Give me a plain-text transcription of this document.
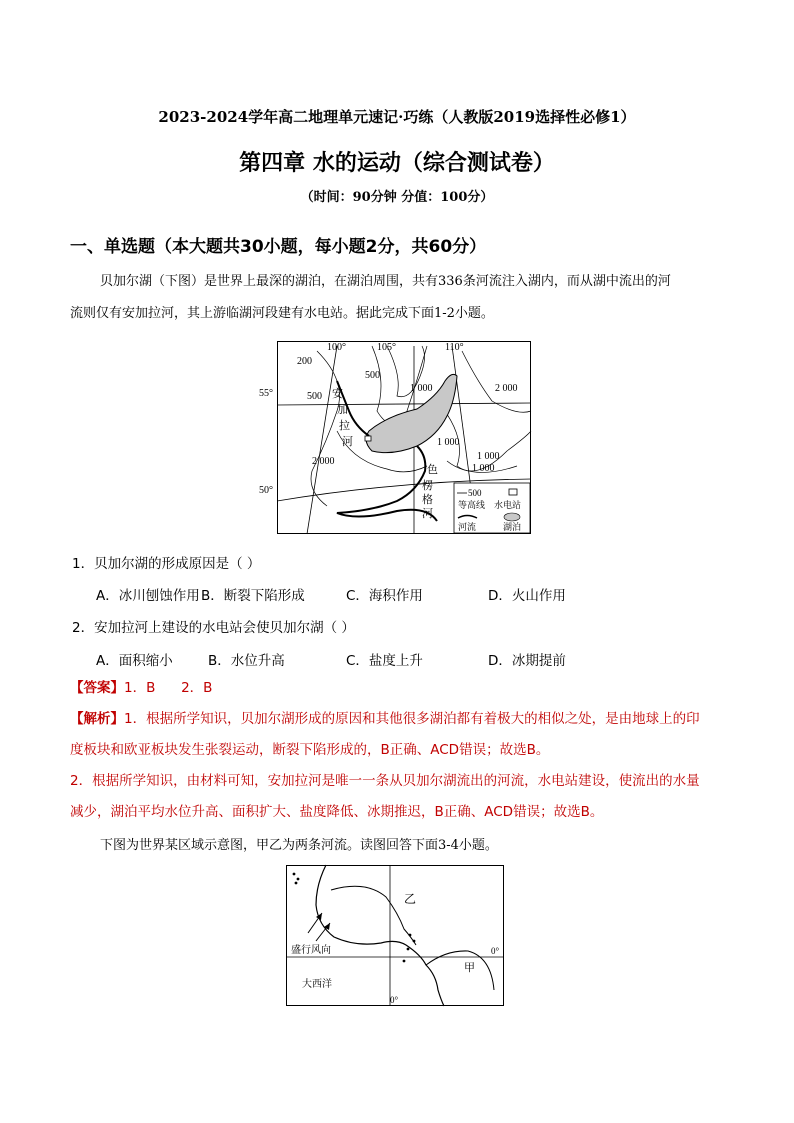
2023-2024学年高二地理单元速记·巧练（人教版2019选择性必修1）
第四章 水的运动（综合测试卷）
（时间：90分钟 分值：100分）
一、单选题（本大题共30小题，每小题2分，共60分）
贝加尔湖（下图）是世界上最深的湖泊，在湖泊周围，共有336条河流注入湖内，而从湖中流出的河
流则仅有安加拉河，其上游临湖河段建有水电站。据此完成下面1-2小题。
100°	105°	110°
55°
50°
200
500
500
1 000
2 000
1 000
1 000
1 000
2 000
安
加
拉
河
色
楞
格
河
500
等高线 水电站
河流	湖泊
1．贝加尔湖的形成原因是（ ）
A．冰川刨蚀作用 B．断裂下陷形成	C．海积作用	D．火山作用
2．安加拉河上建设的水电站会使贝加尔湖（ ）
A．面积缩小	B．水位升高	C．盐度上升	D．冰期提前
【答案】1．B      2．B
【解析】1．根据所学知识，贝加尔湖形成的原因和其他很多湖泊都有着极大的相似之处，是由地球上的印
度板块和欧亚板块发生张裂运动，断裂下陷形成的，B正确、ACD错误；故选B。
2．根据所学知识，由材料可知，安加拉河是唯一一条从贝加尔湖流出的河流，水电站建设，使流出的水量
减少，湖泊平均水位升高、面积扩大、盐度降低、冰期推迟，B正确、ACD错误；故选B。
下图为世界某区域示意图，甲乙为两条河流。读图回答下面3-4小题。
乙
甲
盛行风向
大西洋
0°
0°
